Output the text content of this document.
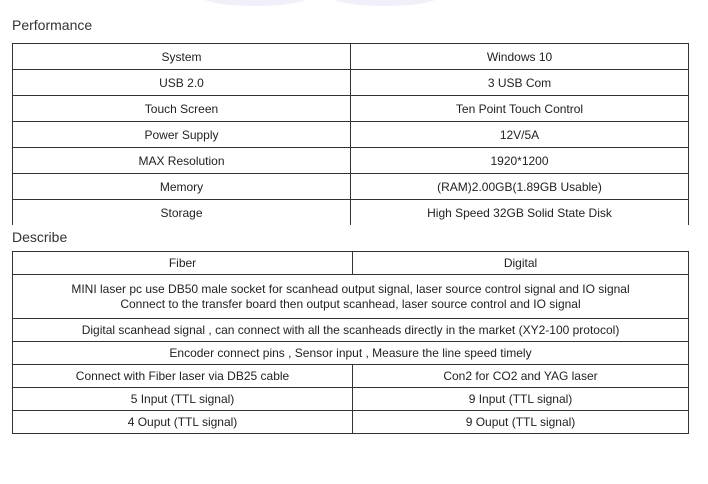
Performance
System	Windows 10
USB 2.0	3 USB Com
Touch Screen	Ten Point Touch Control
Power Supply	12V/5A
MAX Resolution	1920*1200
Memory	(RAM)2.00GB(1.89GB Usable)
Storage	High Speed 32GB Solid State Disk
Describe
Fiber	Digital

MINI laser pc use DB50 male socket for scanhead output signal, laser source control signal and IO signal
Connect to the transfer board then output scanhead, laser source control and IO signal	

Digital scanhead signal , can connect with all the scanheads directly in the market (XY2-100 protocol)	
Encoder connect pins , Sensor input , Measure the line speed timely	
Connect with Fiber laser via DB25 cable	Con2 for CO2 and YAG laser
5 Input (TTL signal)	9 Input (TTL signal)
4 Ouput (TTL signal)	9 Ouput (TTL signal)
